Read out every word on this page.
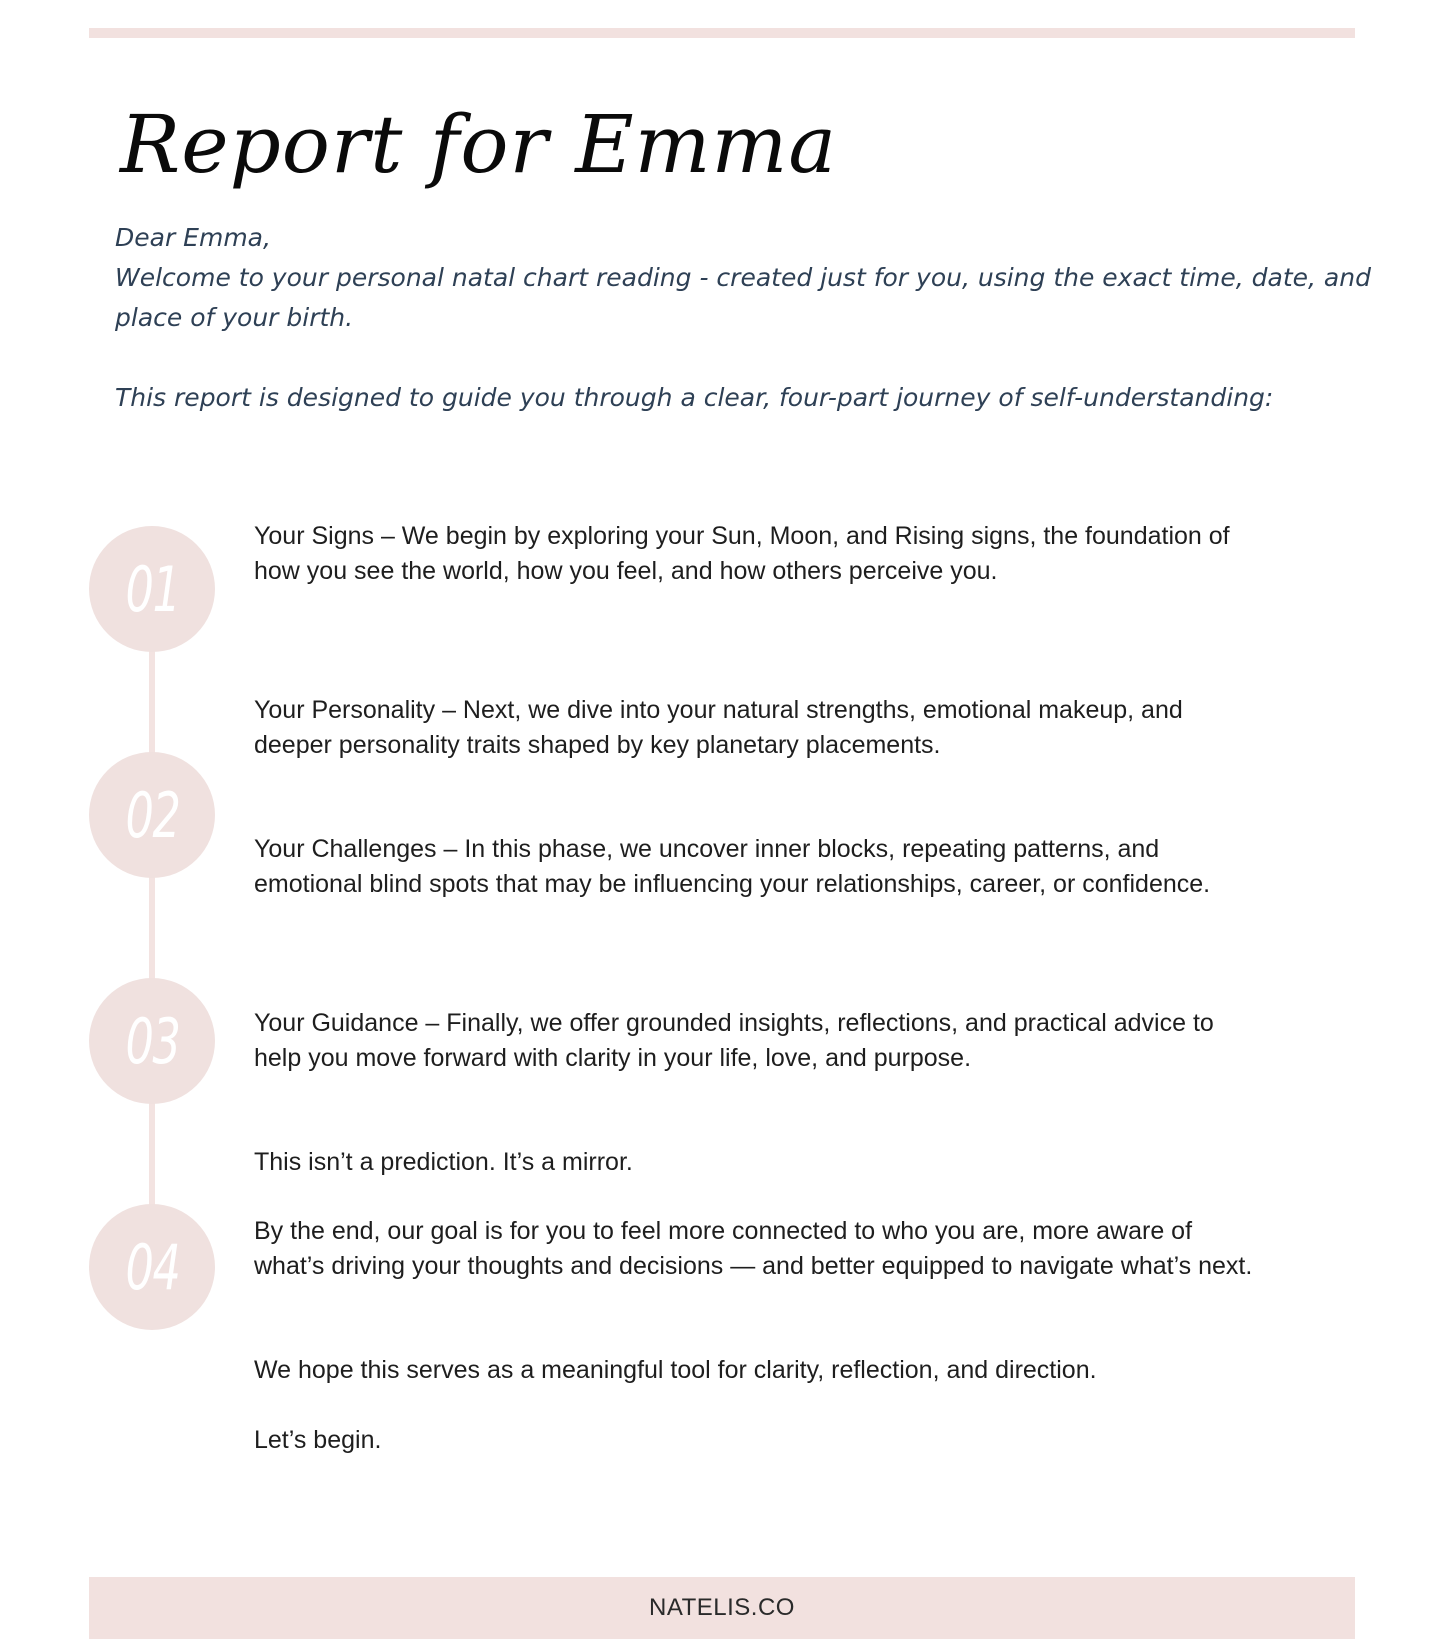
Report for Emma

Dear Emma,

Welcome to your personal natal chart reading - created just for you, using the exact time, date, and place of your birth.

This report is designed to guide you through a clear, four-part journey of self-understanding:

01
02
03
04

Your Signs – We begin by exploring your Sun, Moon, and Rising signs, the foundation of how you see the world, how you feel, and how others perceive you.

Your Personality – Next, we dive into your natural strengths, emotional makeup, and deeper personality traits shaped by key planetary placements.

Your Challenges – In this phase, we uncover inner blocks, repeating patterns, and emotional blind spots that may be influencing your relationships, career, or confidence.

Your Guidance – Finally, we offer grounded insights, reflections, and practical advice to help you move forward with clarity in your life, love, and purpose.

This isn’t a prediction. It’s a mirror.

By the end, our goal is for you to feel more connected to who you are, more aware of what’s driving your thoughts and decisions — and better equipped to navigate what’s next.

We hope this serves as a meaningful tool for clarity, reflection, and direction.

Let’s begin.

NATELIS.CO
